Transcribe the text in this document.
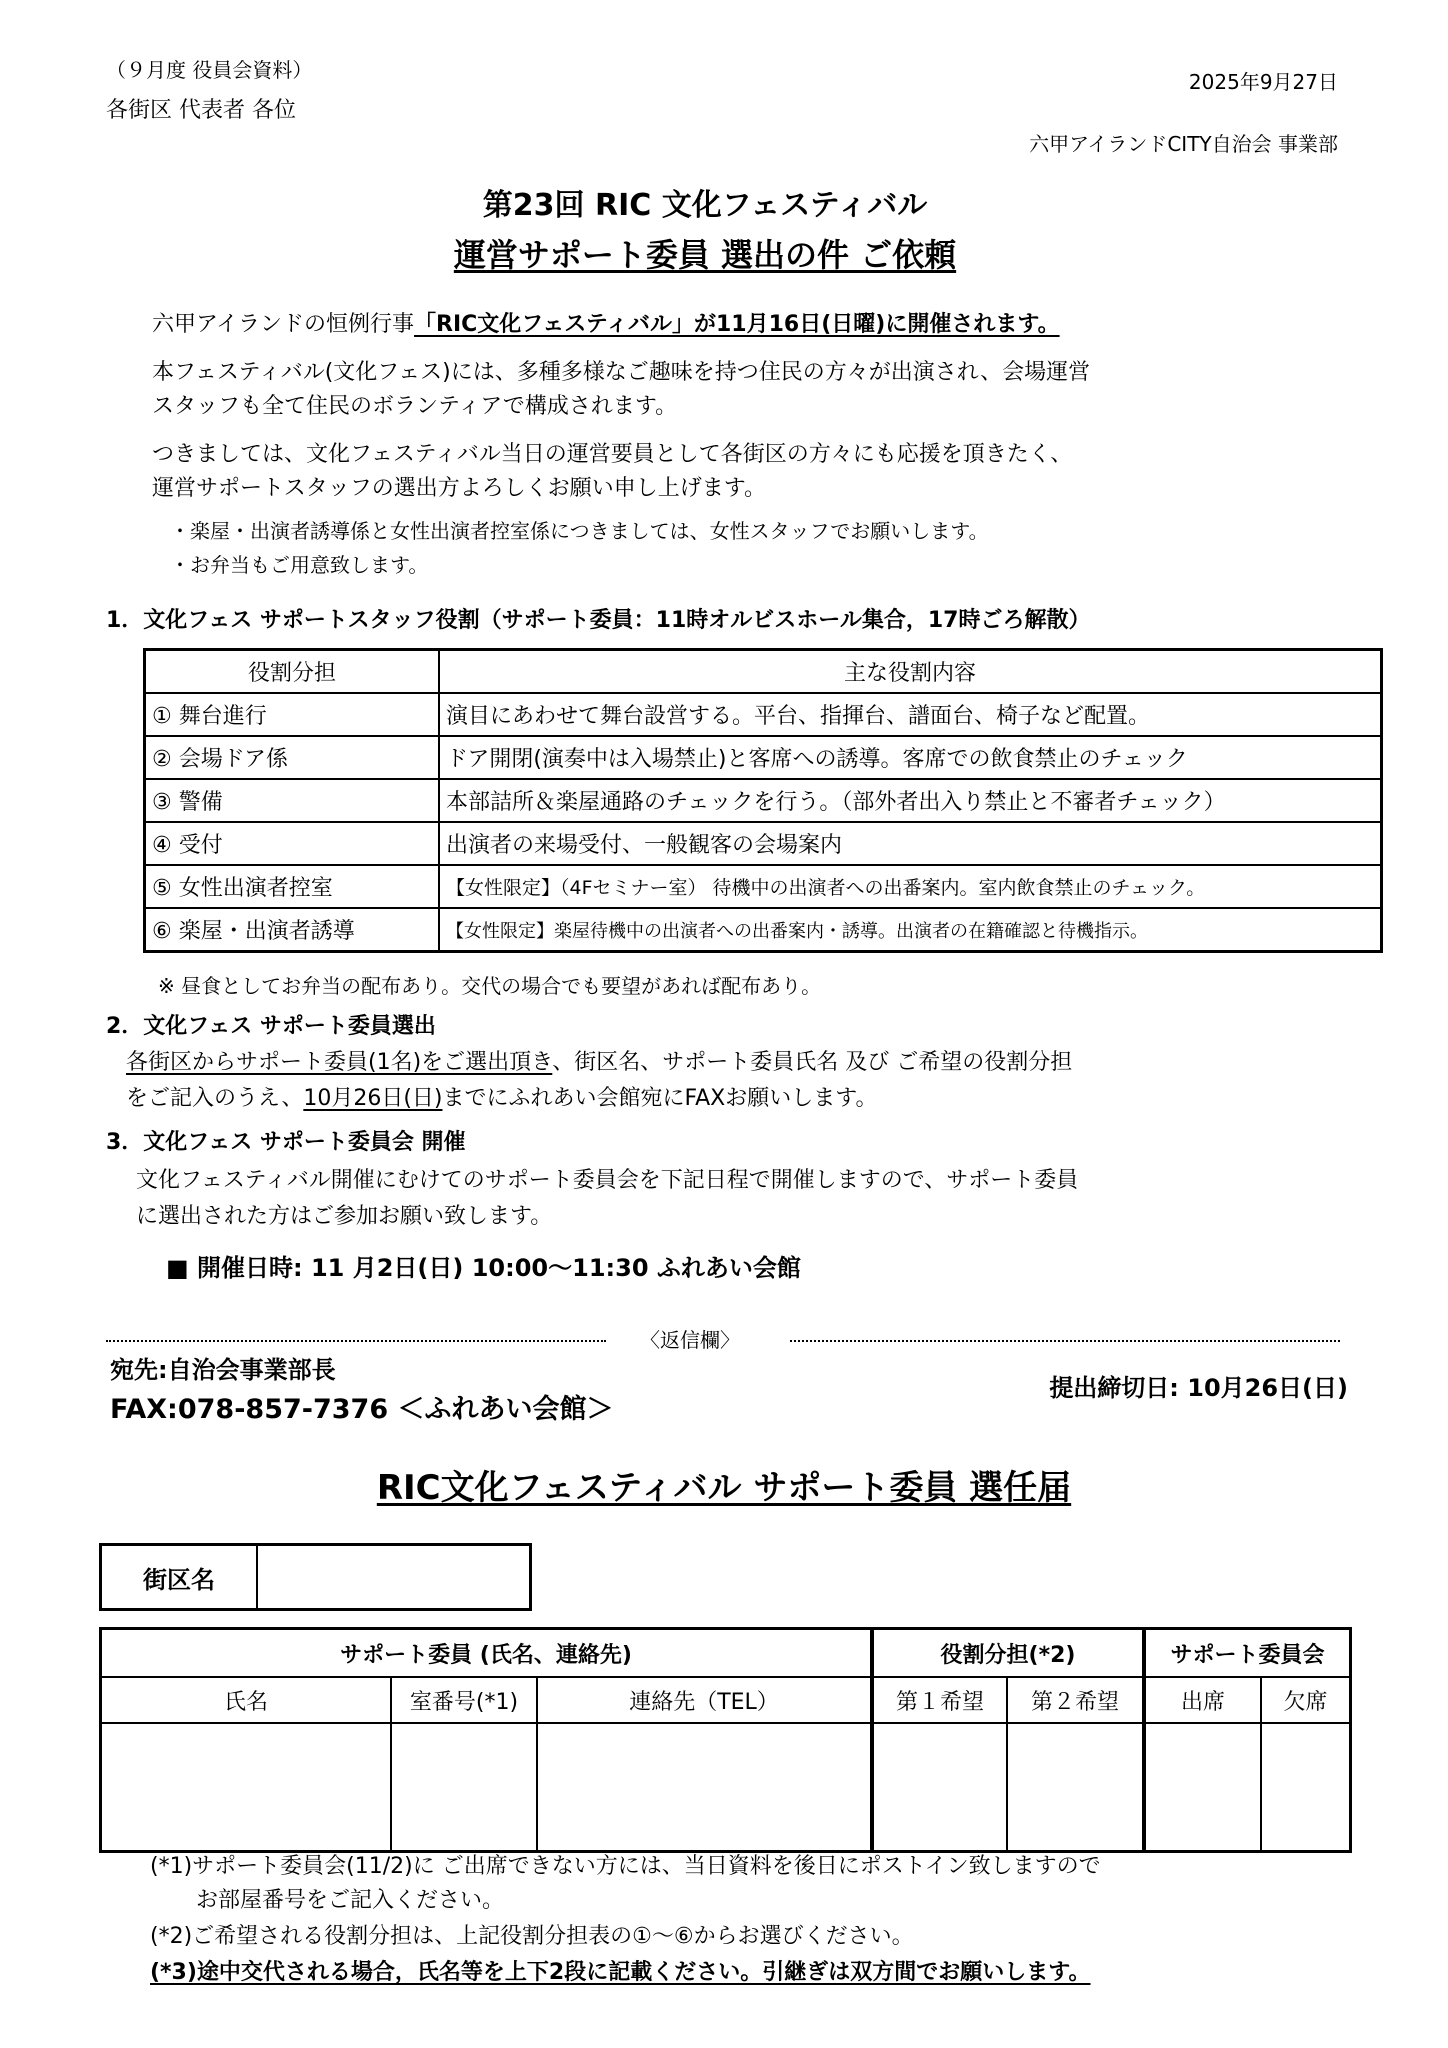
（９月度 役員会資料）
各街区 代表者 各位
2025年9月27日
六甲アイランドCITY自治会 事業部
第23回 RIC 文化フェスティバル
運営サポート委員 選出の件 ご依頼
六甲アイランドの恒例行事「RIC文化フェスティバル」が11月16日(日曜)に開催されます。
本フェスティバル(文化フェス)には、多種多様なご趣味を持つ住民の方々が出演され、会場運営
スタッフも全て住民のボランティアで構成されます。
つきましては、文化フェスティバル当日の運営要員として各街区の方々にも応援を頂きたく、
運営サポートスタッフの選出方よろしくお願い申し上げます。
・楽屋・出演者誘導係と女性出演者控室係につきましては、女性スタッフでお願いします。
・お弁当もご用意致します。
1．文化フェス サポートスタッフ役割（サポート委員：11時オルビスホール集合，17時ごろ解散）
役割分担	主な役割内容
① 舞台進行	演目にあわせて舞台設営する。平台、指揮台、譜面台、椅子など配置。
② 会場ドア係	ドア開閉(演奏中は入場禁止)と客席への誘導。客席での飲食禁止のチェック
③ 警備	本部詰所＆楽屋通路のチェックを行う。（部外者出入り禁止と不審者チェック）
④ 受付	出演者の来場受付、一般観客の会場案内
⑤ 女性出演者控室	【女性限定】（4Fセミナー室） 待機中の出演者への出番案内。室内飲食禁止のチェック。
⑥ 楽屋・出演者誘導	【女性限定】楽屋待機中の出演者への出番案内・誘導。出演者の在籍確認と待機指示。
※ 昼食としてお弁当の配布あり。交代の場合でも要望があれば配布あり。
2．文化フェス サポート委員選出
各街区からサポート委員(1名)をご選出頂き、街区名、サポート委員氏名 及び ご希望の役割分担
をご記入のうえ、10月26日(日)までにふれあい会館宛にFAXお願いします。
3．文化フェス サポート委員会 開催
文化フェスティバル開催にむけてのサポート委員会を下記日程で開催しますので、サポート委員
に選出された方はご参加お願い致します。
■ 開催日時: 11 月2日(日) 10:00〜11:30 ふれあい会館
〈返信欄〉
宛先:自治会事業部長
FAX:078-857-7376 ＜ふれあい会館＞
提出締切日: 10月26日(日)
RIC文化フェスティバル サポート委員 選任届
街区名	
サポート委員 (氏名、連絡先)			役割分担(*2)		サポート委員会	
氏名	室番号(*1)	連絡先（TEL）	第１希望	第２希望	出席	欠席

(*1)サポート委員会(11/2)に ご出席できない方には、当日資料を後日にポストイン致しますので
お部屋番号をご記入ください。
(*2)ご希望される役割分担は、上記役割分担表の①〜⑥からお選びください。
(*3)途中交代される場合，氏名等を上下2段に記載ください。引継ぎは双方間でお願いします。
